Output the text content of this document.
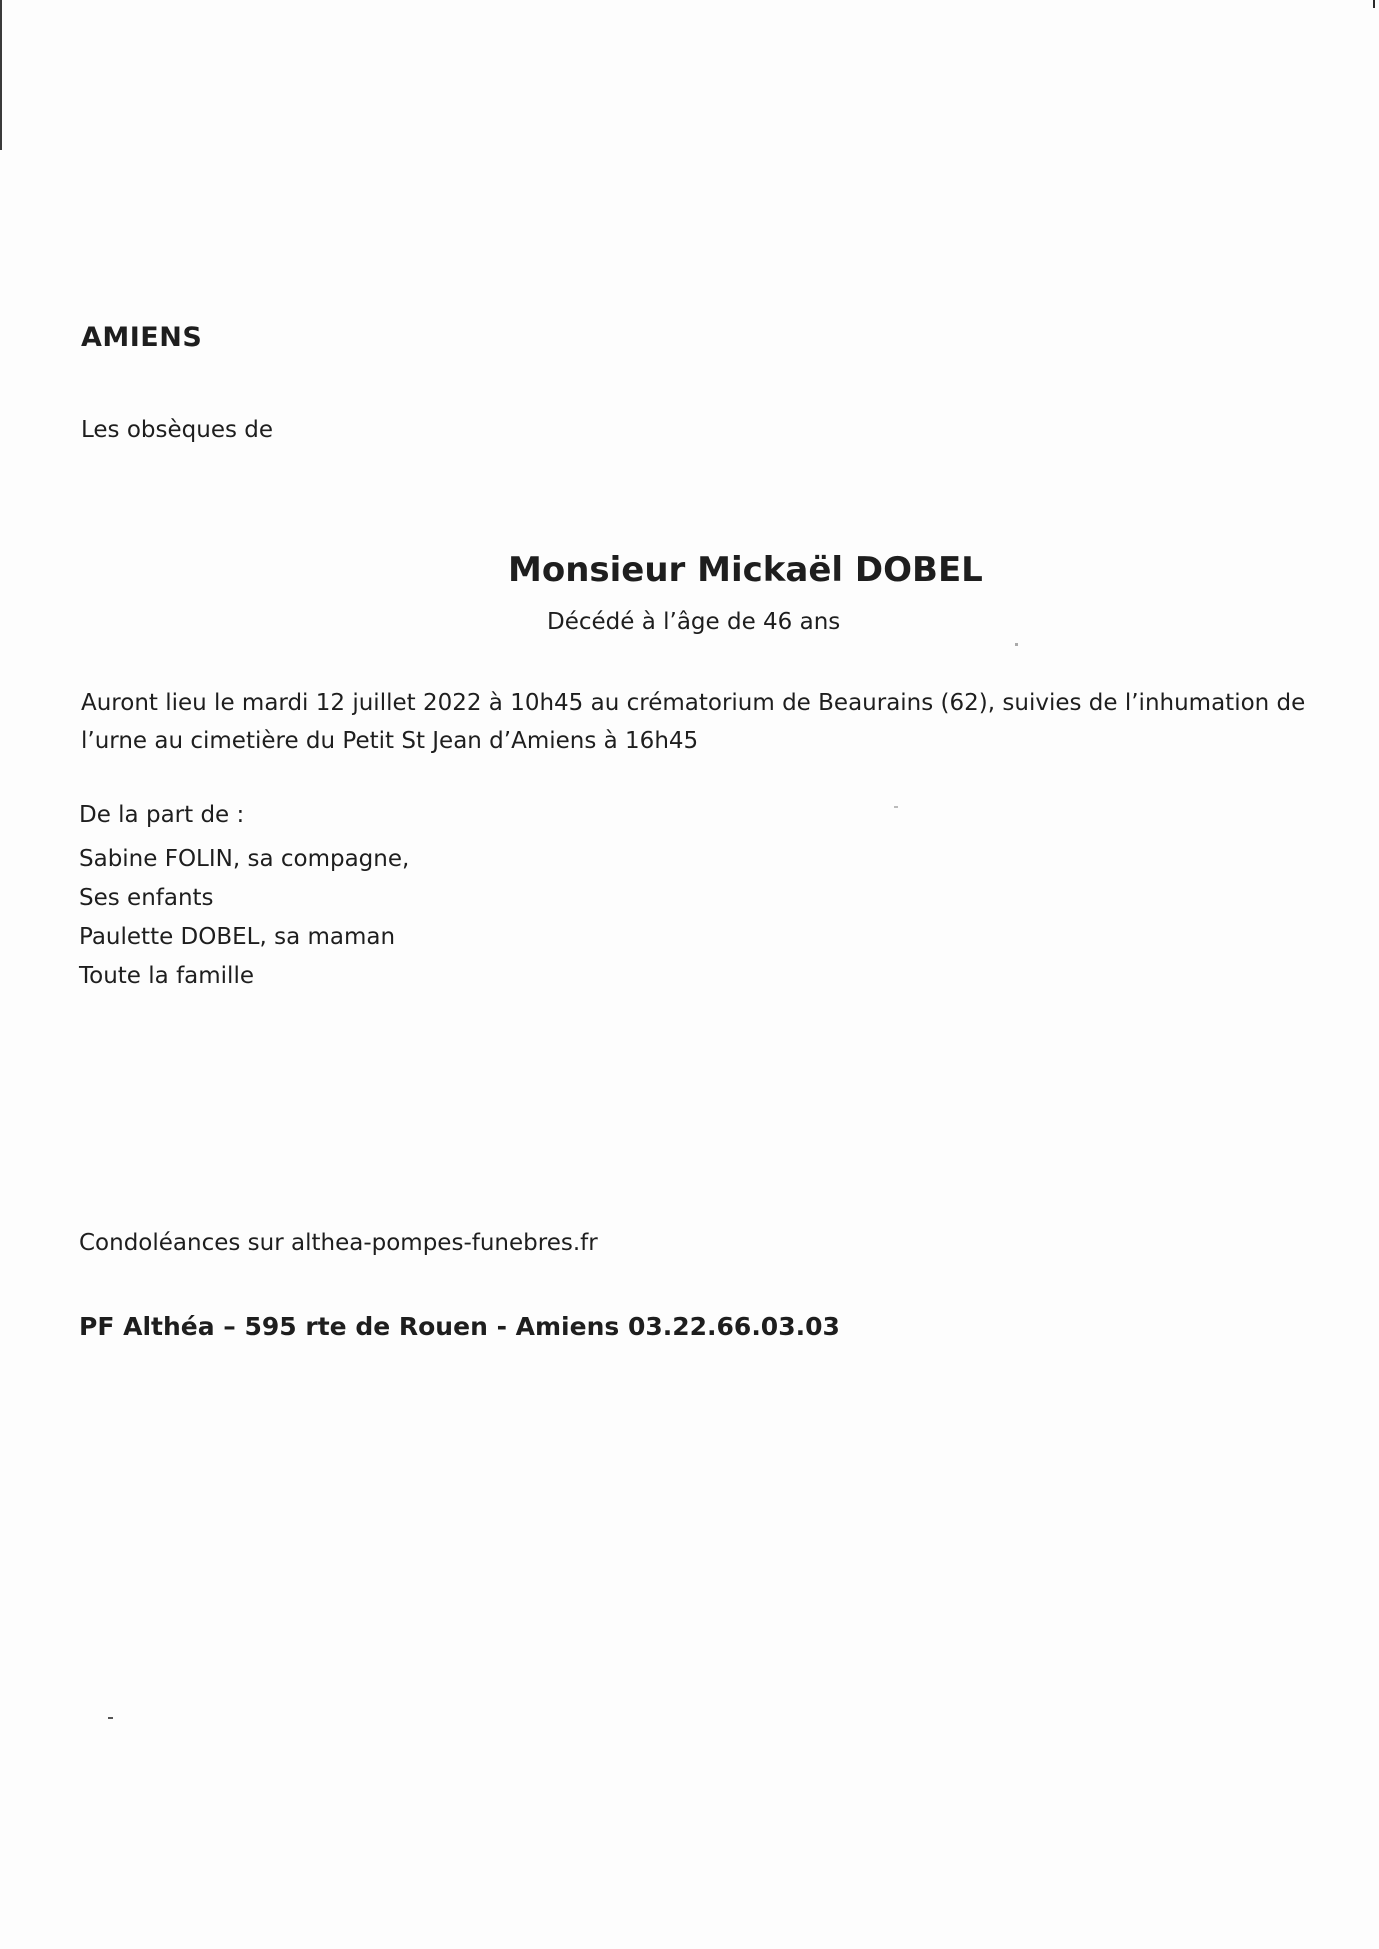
AMIENS
Les obsèques de
Monsieur Mickaël DOBEL
Décédé à l’âge de 46 ans

Auront lieu le mardi 12 juillet 2022 à 10h45 au crématorium de Beaurains (62), suivies de l’inhumation de l’urne au cimetière du Petit St Jean d’Amiens à 16h45

De la part de :
Sabine FOLIN, sa compagne,
Ses enfants
Paulette DOBEL, sa maman
Toute la famille
Condoléances sur althea-pompes-funebres.fr
PF Althéa – 595 rte de Rouen - Amiens 03.22.66.03.03
